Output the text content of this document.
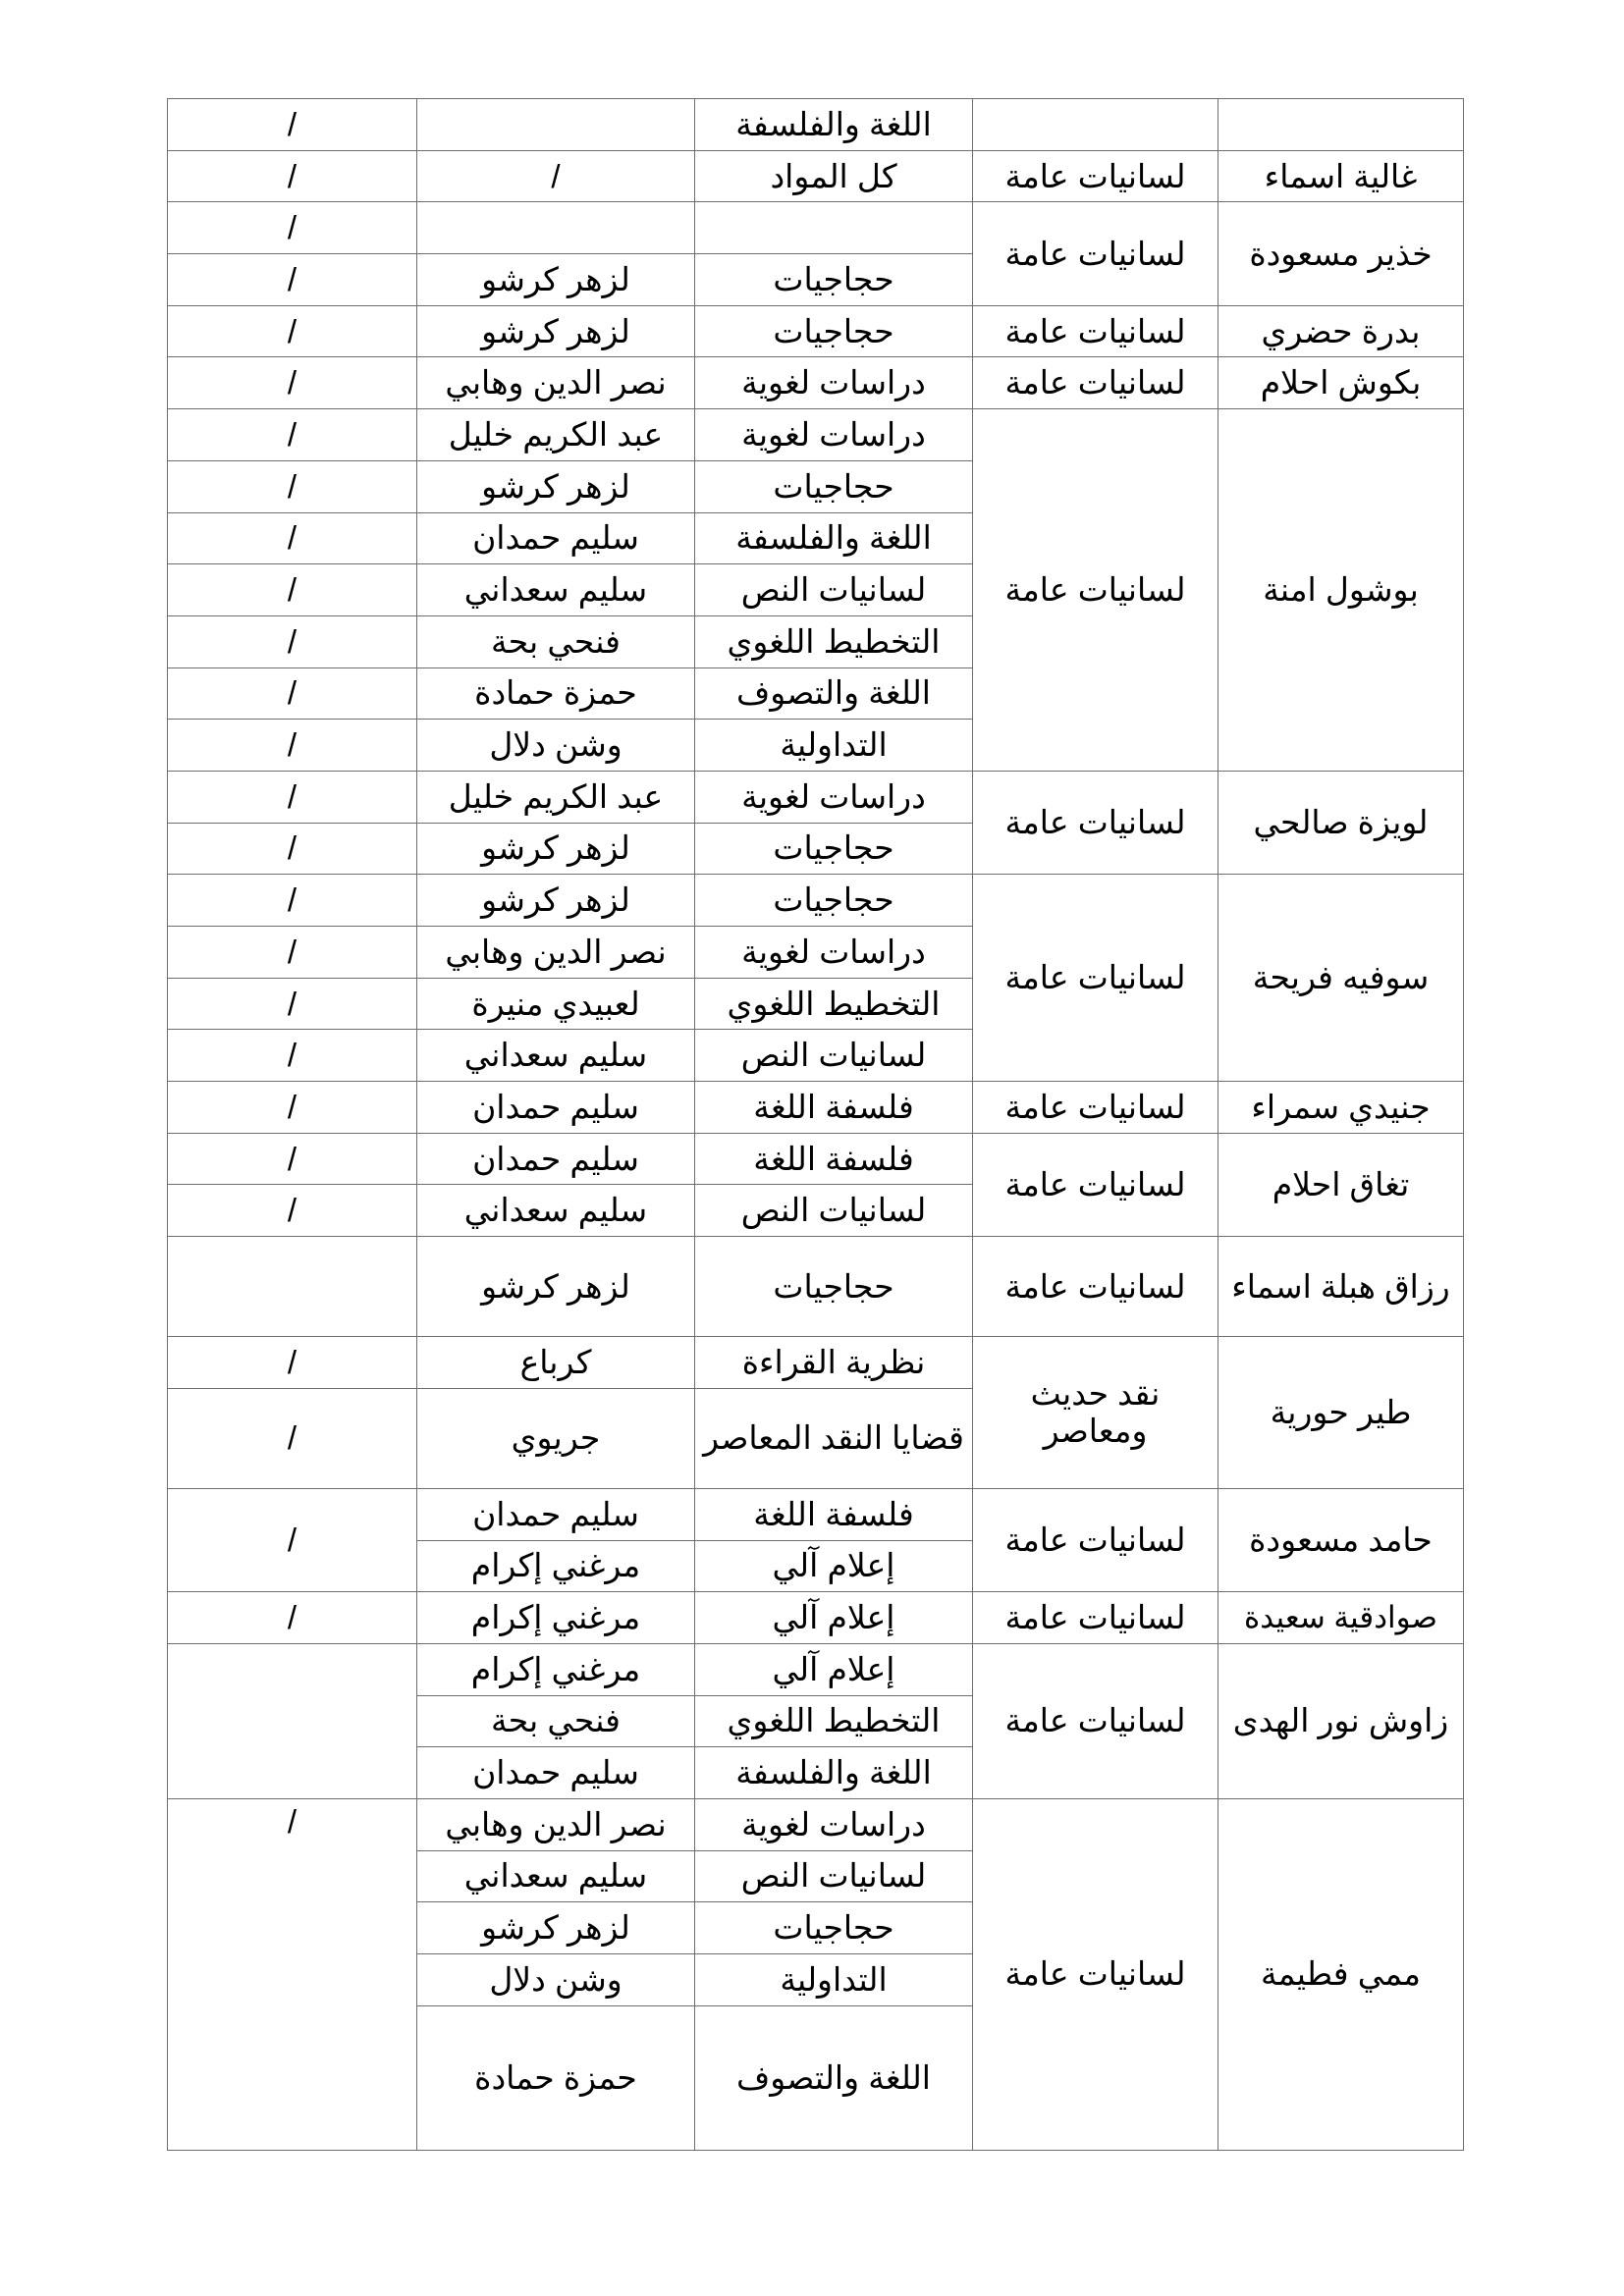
		اللغة والفلسفة		/
غالية اسماء	لسانيات عامة	كل المواد	/	/
خذير مسعودة	لسانيات عامة			/
		حجاجيات	لزهر كرشو	/
بدرة حضري	لسانيات عامة	حجاجيات	لزهر كرشو	/
بكوش احلام	لسانيات عامة	دراسات لغوية	نصر الدين وهابي	/
بوشول امنة	لسانيات عامة	دراسات لغوية	عبد الكريم خليل	/
		حجاجيات	لزهر كرشو	/
		اللغة والفلسفة	سليم حمدان	/
		لسانيات النص	سليم سعداني	/
		التخطيط اللغوي	فنحي بحة	/
		اللغة والتصوف	حمزة حمادة	/
		التداولية	وشن دلال	/
لويزة صالحي	لسانيات عامة	دراسات لغوية	عبد الكريم خليل	/
		حجاجيات	لزهر كرشو	/
سوفيه فريحة	لسانيات عامة	حجاجيات	لزهر كرشو	/
		دراسات لغوية	نصر الدين وهابي	/
		التخطيط اللغوي	لعبيدي منيرة	/
		لسانيات النص	سليم سعداني	/
جنيدي سمراء	لسانيات عامة	فلسفة اللغة	سليم حمدان	/
تغاق احلام	لسانيات عامة	فلسفة اللغة	سليم حمدان	/
		لسانيات النص	سليم سعداني	/
رزاق هبلة اسماء	لسانيات عامة	حجاجيات	لزهر كرشو	
طير حورية	نقد حديث ومعاصر	نظرية القراءة	كرباع	/
		قضايا النقد المعاصر	جريوي	/
حامد مسعودة	لسانيات عامة	فلسفة اللغة	سليم حمدان	/
		إعلام آلي	مرغني إكرام	
صوادقية سعيدة	لسانيات عامة	إعلام آلي	مرغني إكرام	/
زاوش نور الهدى	لسانيات عامة	إعلام آلي	مرغني إكرام	
		التخطيط اللغوي	فنحي بحة	
		اللغة والفلسفة	سليم حمدان	
ممي فطيمة	لسانيات عامة	دراسات لغوية	نصر الدين وهابي	/
		لسانيات النص	سليم سعداني	
		حجاجيات	لزهر كرشو	
		التداولية	وشن دلال	
		اللغة والتصوف	حمزة حمادة	
